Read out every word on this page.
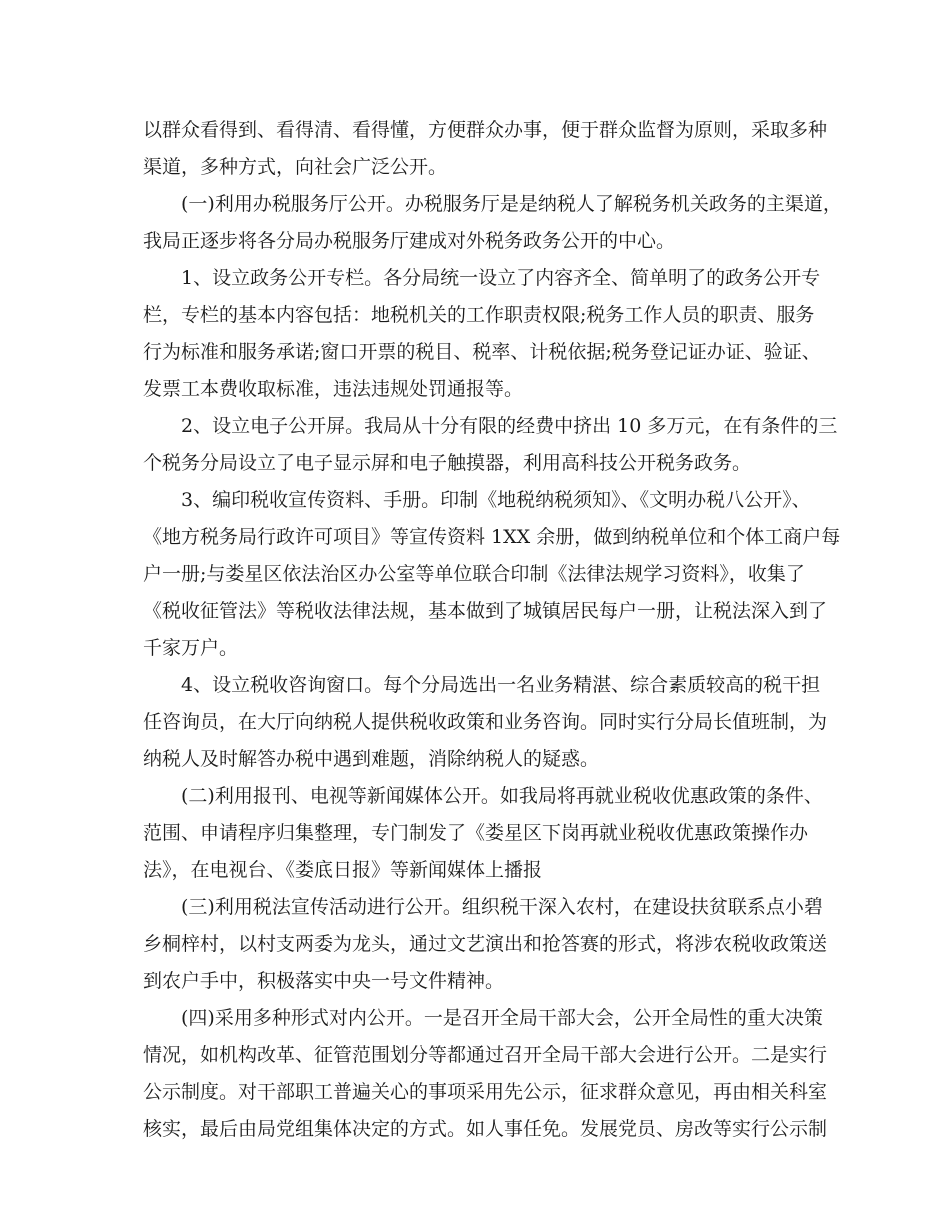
以群众看得到、看得清、看得懂，方便群众办事，便于群众监督为原则，采取多种
渠道，多种方式，向社会广泛公开。
(一)利用办税服务厅公开。办税服务厅是是纳税人了解税务机关政务的主渠道，
我局正逐步将各分局办税服务厅建成对外税务政务公开的中心。
1、设立政务公开专栏。各分局统一设立了内容齐全、简单明了的政务公开专
栏，专栏的基本内容包括：地税机关的工作职责权限;税务工作人员的职责、服务
行为标准和服务承诺;窗口开票的税目、税率、计税依据;税务登记证办证、验证、
发票工本费收取标准，违法违规处罚通报等。
2、设立电子公开屏。我局从十分有限的经费中挤出 10 多万元，在有条件的三
个税务分局设立了电子显示屏和电子触摸器，利用高科技公开税务政务。
3、编印税收宣传资料、手册。印制《地税纳税须知》、《文明办税八公开》、
《地方税务局行政许可项目》等宣传资料 1XX 余册，做到纳税单位和个体工商户每
户一册;与娄星区依法治区办公室等单位联合印制《法律法规学习资料》，收集了
《税收征管法》等税收法律法规，基本做到了城镇居民每户一册，让税法深入到了
千家万户。
4、设立税收咨询窗口。每个分局选出一名业务精湛、综合素质较高的税干担
任咨询员，在大厅向纳税人提供税收政策和业务咨询。同时实行分局长值班制，为
纳税人及时解答办税中遇到难题，消除纳税人的疑惑。
(二)利用报刊、电视等新闻媒体公开。如我局将再就业税收优惠政策的条件、
范围、申请程序归集整理，专门制发了《娄星区下岗再就业税收优惠政策操作办
法》，在电视台、《娄底日报》等新闻媒体上播报
(三)利用税法宣传活动进行公开。组织税干深入农村，在建设扶贫联系点小碧
乡桐梓村，以村支两委为龙头，通过文艺演出和抢答赛的形式，将涉农税收政策送
到农户手中，积极落实中央一号文件精神。
(四)采用多种形式对内公开。一是召开全局干部大会，公开全局性的重大决策
情况，如机构改革、征管范围划分等都通过召开全局干部大会进行公开。二是实行
公示制度。对干部职工普遍关心的事项采用先公示，征求群众意见，再由相关科室
核实，最后由局党组集体决定的方式。如人事任免。发展党员、房改等实行公示制
